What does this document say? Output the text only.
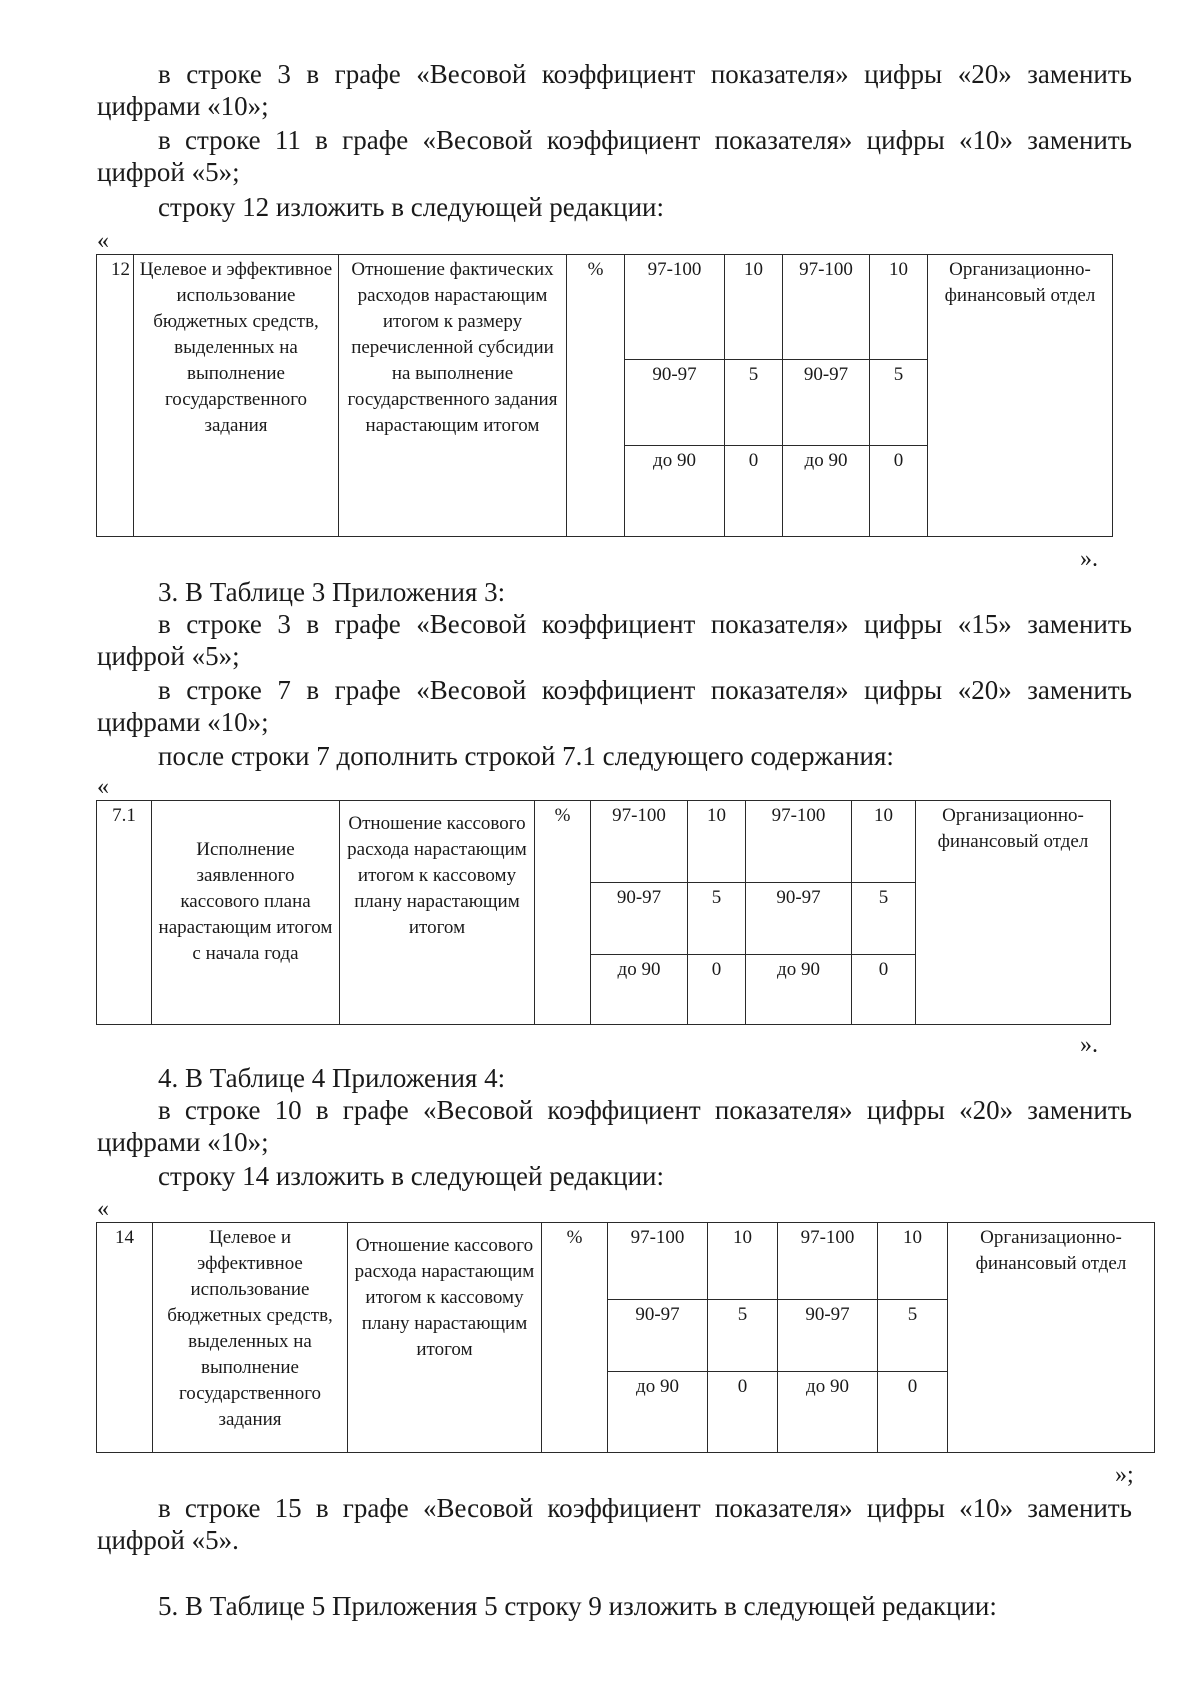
в строке 3 в графе «Весовой коэффициент показателя» цифры «20» заменить
цифрами «10»;
в строке 11 в графе «Весовой коэффициент показателя» цифры «10» заменить
цифрой «5»;
строку 12 изложить в следующей редакции:
«
12	Целевое и эффективное использование бюджетных средств, выделенных на выполнение государственного задания	Отношение фактических расходов нарастающим итогом к размеру перечисленной субсидии на выполнение государственного задания нарастающим итогом	%	97-100	10	97-100	10	Организационно-финансовый отдел
				90-97	5	90-97	5	
				до 90	0	до 90	0	
».
3. В Таблице 3 Приложения 3:
в строке 3 в графе «Весовой коэффициент показателя» цифры «15» заменить
цифрой «5»;
в строке 7 в графе «Весовой коэффициент показателя» цифры «20» заменить
цифрами «10»;
после строки 7 дополнить строкой 7.1 следующего содержания:
«
7.1	Исполнение заявленного кассового плана нарастающим итогом с начала года	Отношение кассового расхода нарастающим итогом к кассовому плану нарастающим итогом	%	97-100	10	97-100	10	Организационно-финансовый отдел
				90-97	5	90-97	5	
				до 90	0	до 90	0	
».
4. В Таблице 4 Приложения 4:
в строке 10 в графе «Весовой коэффициент показателя» цифры «20» заменить
цифрами «10»;
строку 14 изложить в следующей редакции:
«
14	Целевое и эффективное использование бюджетных средств, выделенных на выполнение государственного задания	Отношение кассового расхода нарастающим итогом к кассовому плану нарастающим итогом	%	97-100	10	97-100	10	Организационно-финансовый отдел
				90-97	5	90-97	5	
				до 90	0	до 90	0	
»;
в строке 15 в графе «Весовой коэффициент показателя» цифры «10» заменить
цифрой «5».
5. В Таблице 5 Приложения 5 строку 9 изложить в следующей редакции:
